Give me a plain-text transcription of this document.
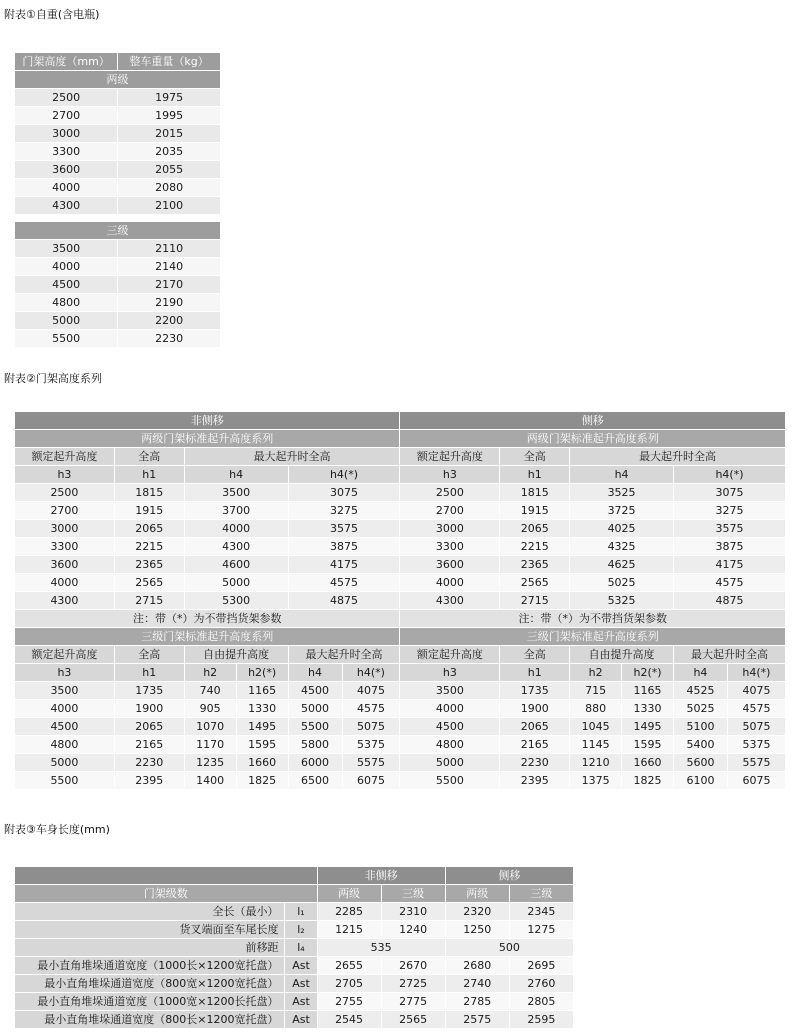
附表①自重(含电瓶)
门架高度（mm）	整车重量（kg）
两级	
2500	1975
2700	1995
3000	2015
3300	2035
3600	2055
4000	2080
4300	2100

三级	
3500	2110
4000	2140
4500	2170
4800	2190
5000	2200
5500	2230
附表②门架高度系列
非侧移						侧移					
两级门架标准起升高度系列						两级门架标准起升高度系列					
额定起升高度	全高	最大起升时全高				额定起升高度	全高	最大起升时全高			
h3	h1	h4		h4(*)		h3	h1	h4		h4(*)	
2500	1815	3500		3075		2500	1815	3525		3075	
2700	1915	3700		3275		2700	1915	3725		3275	
3000	2065	4000		3575		3000	2065	4025		3575	
3300	2215	4300		3875		3300	2215	4325		3875	
3600	2365	4600		4175		3600	2365	4625		4175	
4000	2565	5000		4575		4000	2565	5025		4575	
4300	2715	5300		4875		4300	2715	5325		4875	
注：带（*）为不带挡货架参数						注：带（*）为不带挡货架参数					
三级门架标准起升高度系列						三级门架标准起升高度系列					
额定起升高度	全高	自由提升高度		最大起升时全高		额定起升高度	全高	自由提升高度		最大起升时全高	
h3	h1	h2	h2(*)	h4	h4(*)	h3	h1	h2	h2(*)	h4	h4(*)
3500	1735	740	1165	4500	4075	3500	1735	715	1165	4525	4075
4000	1900	905	1330	5000	4575	4000	1900	880	1330	5025	4575
4500	2065	1070	1495	5500	5075	4500	2065	1045	1495	5100	5075
4800	2165	1170	1595	5800	5375	4800	2165	1145	1595	5400	5375
5000	2230	1235	1660	6000	5575	5000	2230	1210	1660	5600	5575
5500	2395	1400	1825	6500	6075	5500	2395	1375	1825	6100	6075
附表③车身长度(mm)
		非侧移		侧移	
门架级数		两级	三级	两级	三级
全长（最小）	l₁	2285	2310	2320	2345
货叉端面至车尾长度	l₂	1215	1240	1250	1275
前移距	l₄	535		500	
最小直角堆垛通道宽度（1000长×1200宽托盘）	Ast	2655	2670	2680	2695
最小直角堆垛通道宽度（800宽×1200宽托盘）	Ast	2705	2725	2740	2760
最小直角堆垛通道宽度（1000宽×1200长托盘）	Ast	2755	2775	2785	2805
最小直角堆垛通道宽度（800长×1200宽托盘）	Ast	2545	2565	2575	2595
